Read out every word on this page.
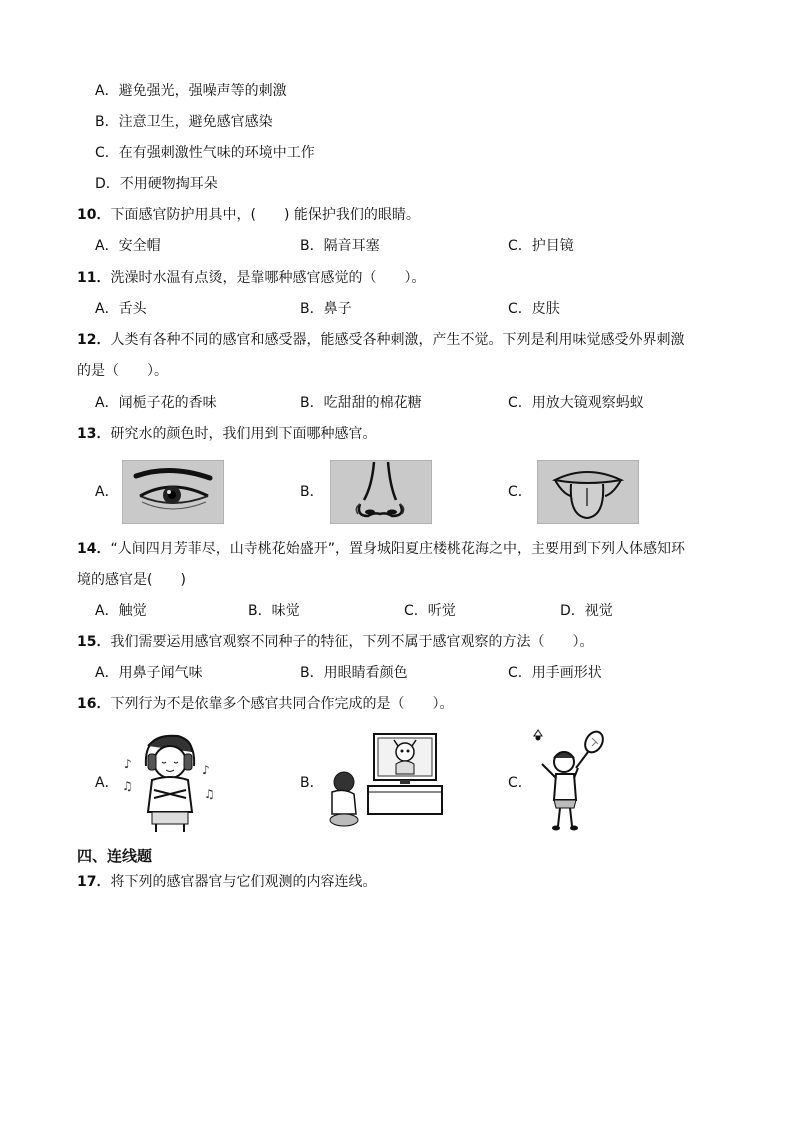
A．避免强光，强噪声等的刺激
B．注意卫生，避免感官感染
C．在有强刺激性气味的环境中工作
D．不用硬物掏耳朵
10．下面感官防护用具中，(　　) 能保护我们的眼睛。
A．安全帽	B．隔音耳塞	C．护目镜
11．洗澡时水温有点烫，是靠哪种感官感觉的（　　）。
A．舌头	B．鼻子	C．皮肤
12．人类有各种不同的感官和感受器，能感受各种刺激，产生不觉。下列是利用味觉感受外界刺激
的是（　　）。
A．闻栀子花的香味	B．吃甜甜的棉花糖	C．用放大镜观察蚂蚁
13．研究水的颜色时，我们用到下面哪种感官。
A．	B．	C．
14．“人间四月芳菲尽，山寺桃花始盛开”，置身城阳夏庄楼桃花海之中，主要用到下列人体感知环
境的感官是(　　)
A．触觉	B．味觉	C．听觉	D．视觉
15．我们需要运用感官观察不同种子的特征，下列不属于感官观察的方法（　　）。
A．用鼻子闻气味	B．用眼睛看颜色	C．用手画形状
16．下列行为不是依靠多个感官共同合作完成的是（　　）。
A．
♪
♫
♪
♫
B．	C．
四、连线题
17．将下列的感官器官与它们观测的内容连线。
